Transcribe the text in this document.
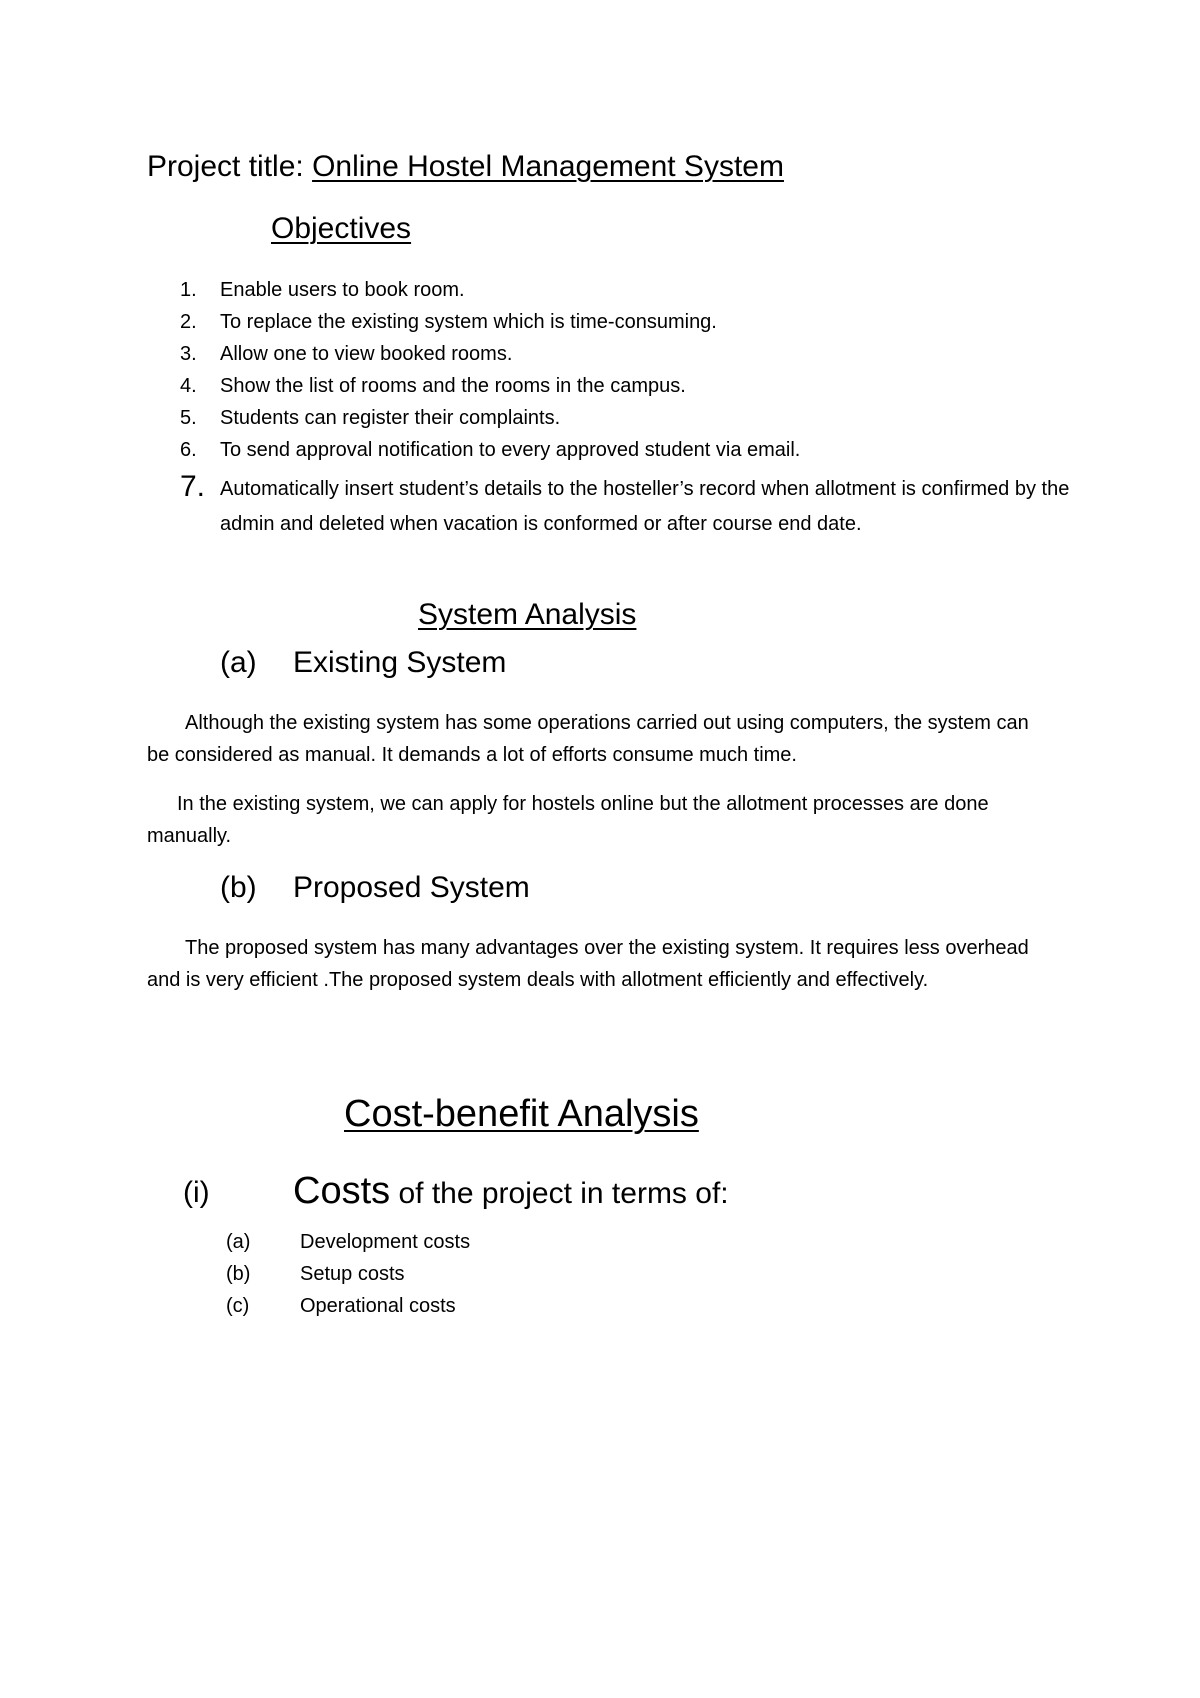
Project title: Online Hostel Management System
Objectives
1.	Enable users to book room.
2.	To replace the existing system which is time-consuming.
3.	Allow one to view booked rooms.
4.	Show the list of rooms and the rooms in the campus.
5.	Students can register their complaints.
6.	To send approval notification to every approved student via email.
7. Automatically insert student’s details to the hosteller’s record when allotment is confirmed by the admin and deleted when vacation is conformed or after course end date.
System Analysis
(a) Existing System
Although the existing system has some operations carried out using computers, the system can be considered as manual. It demands a lot of efforts consume much time.
In the existing system, we can apply for hostels online but the allotment processes are done manually.
(b) Proposed System
The proposed system has many advantages over the existing system. It requires less overhead and is very efficient .The proposed system deals with allotment efficiently and effectively.
Cost-benefit Analysis
(i) Costs of the project in terms of:
(a) Development costs
(b) Setup costs
(c)	Operational costs
